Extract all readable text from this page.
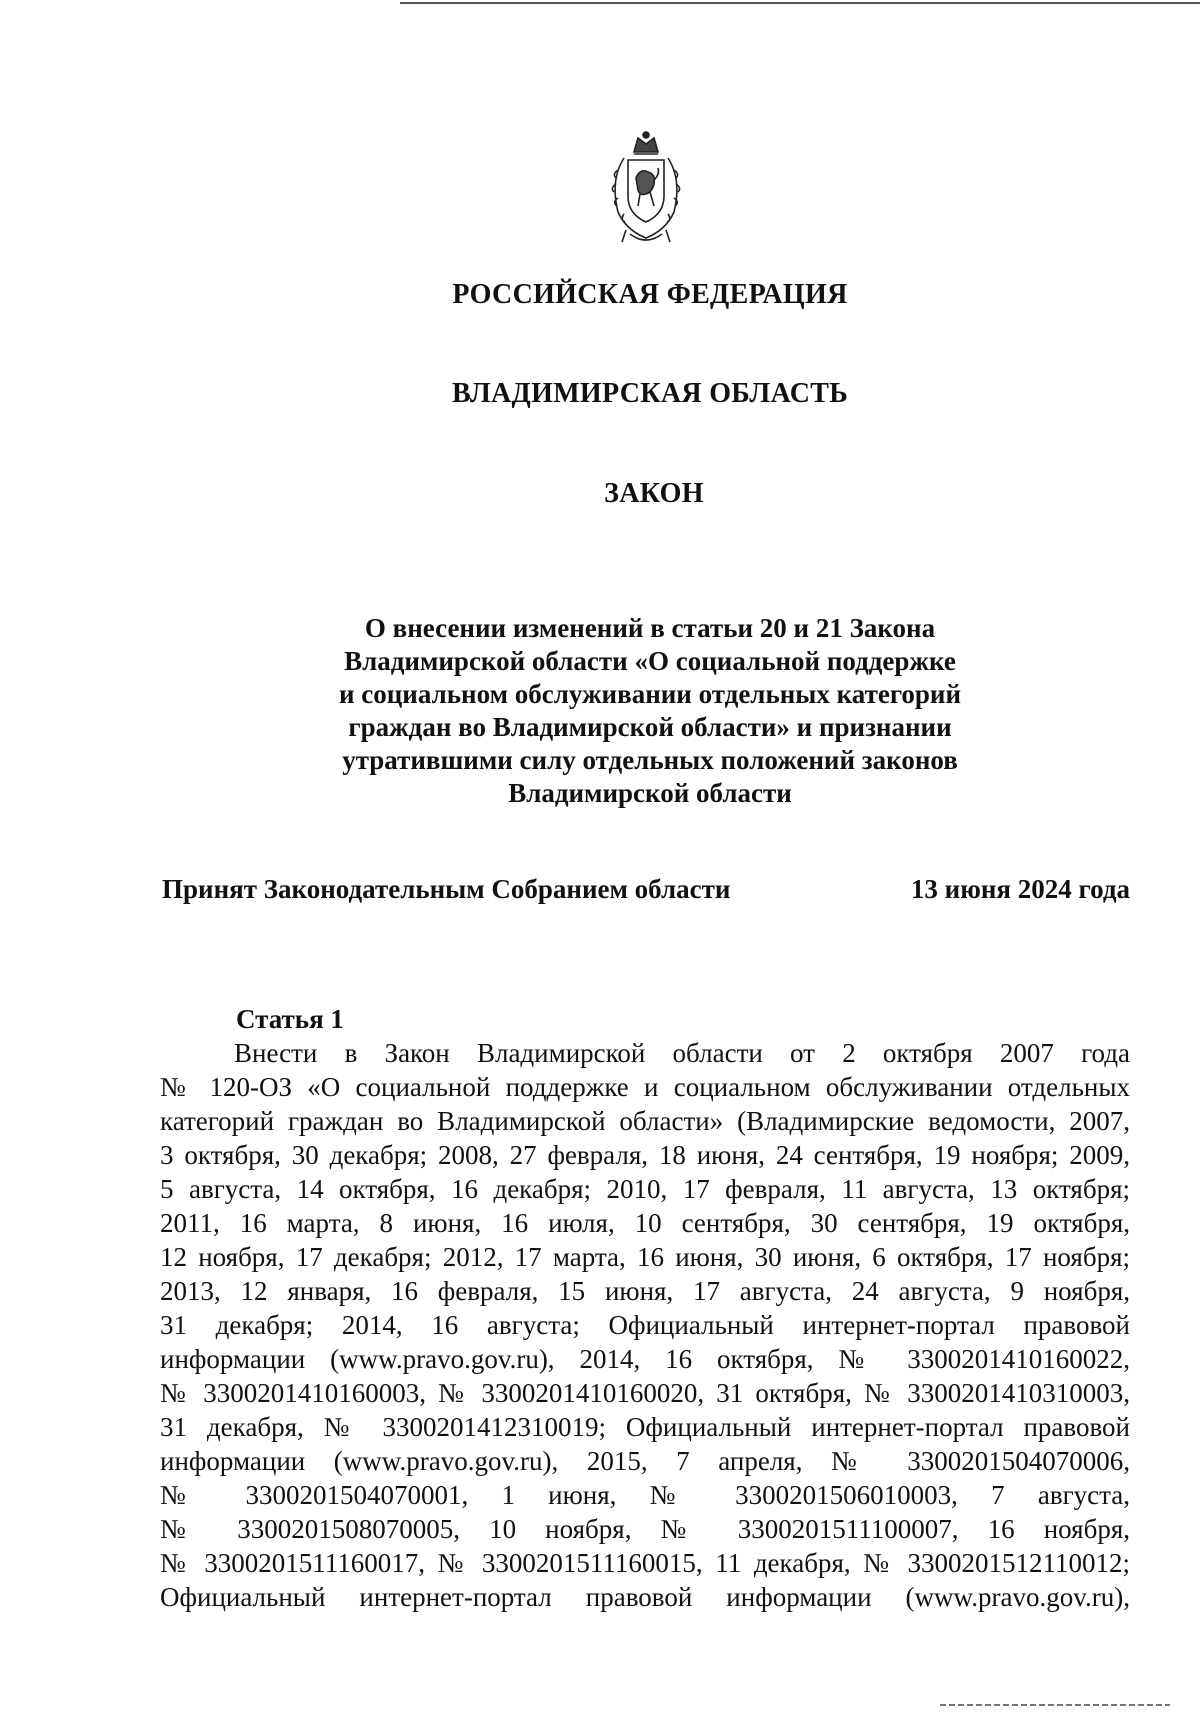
РОССИЙСКАЯ ФЕДЕРАЦИЯ
ВЛАДИМИРСКАЯ ОБЛАСТЬ
ЗАКОН
О внесении изменений в статьи 20 и 21 Закона
Владимирской области «О социальной поддержке
и социальном обслуживании отдельных категорий
граждан во Владимирской области» и признании
утратившими силу отдельных положений законов
Владимирской области
Принят Законодательным Собранием области	13 июня 2024 года

Статья 1

Внести в Закон Владимирской области от 2 октября 2007 года
№ 120-ОЗ «О социальной поддержке и социальном обслуживании отдельных
категорий граждан во Владимирской области» (Владимирские ведомости, 2007,
3 октября, 30 декабря; 2008, 27 февраля, 18 июня, 24 сентября, 19 ноября; 2009,
5 августа, 14 октября, 16 декабря; 2010, 17 февраля, 11 августа, 13 октября;
2011, 16 марта, 8 июня, 16 июля, 10 сентября, 30 сентября, 19 октября,
12 ноября, 17 декабря; 2012, 17 марта, 16 июня, 30 июня, 6 октября, 17 ноября;
2013, 12 января, 16 февраля, 15 июня, 17 августа, 24 августа, 9 ноября,
31 декабря; 2014, 16 августа; Официальный интернет-портал правовой
информации (www.pravo.gov.ru), 2014, 16 октября, № 3300201410160022,
№ 3300201410160003, № 3300201410160020, 31 октября, № 3300201410310003,
31 декабря, № 3300201412310019; Официальный интернет-портал правовой
информации (www.pravo.gov.ru), 2015, 7 апреля, № 3300201504070006,
№ 3300201504070001, 1 июня, № 3300201506010003, 7 августа,
№ 3300201508070005, 10 ноября, № 3300201511100007, 16 ноября,
№ 3300201511160017, № 3300201511160015, 11 декабря, № 3300201512110012;
Официальный интернет-портал правовой информации (www.pravo.gov.ru),
